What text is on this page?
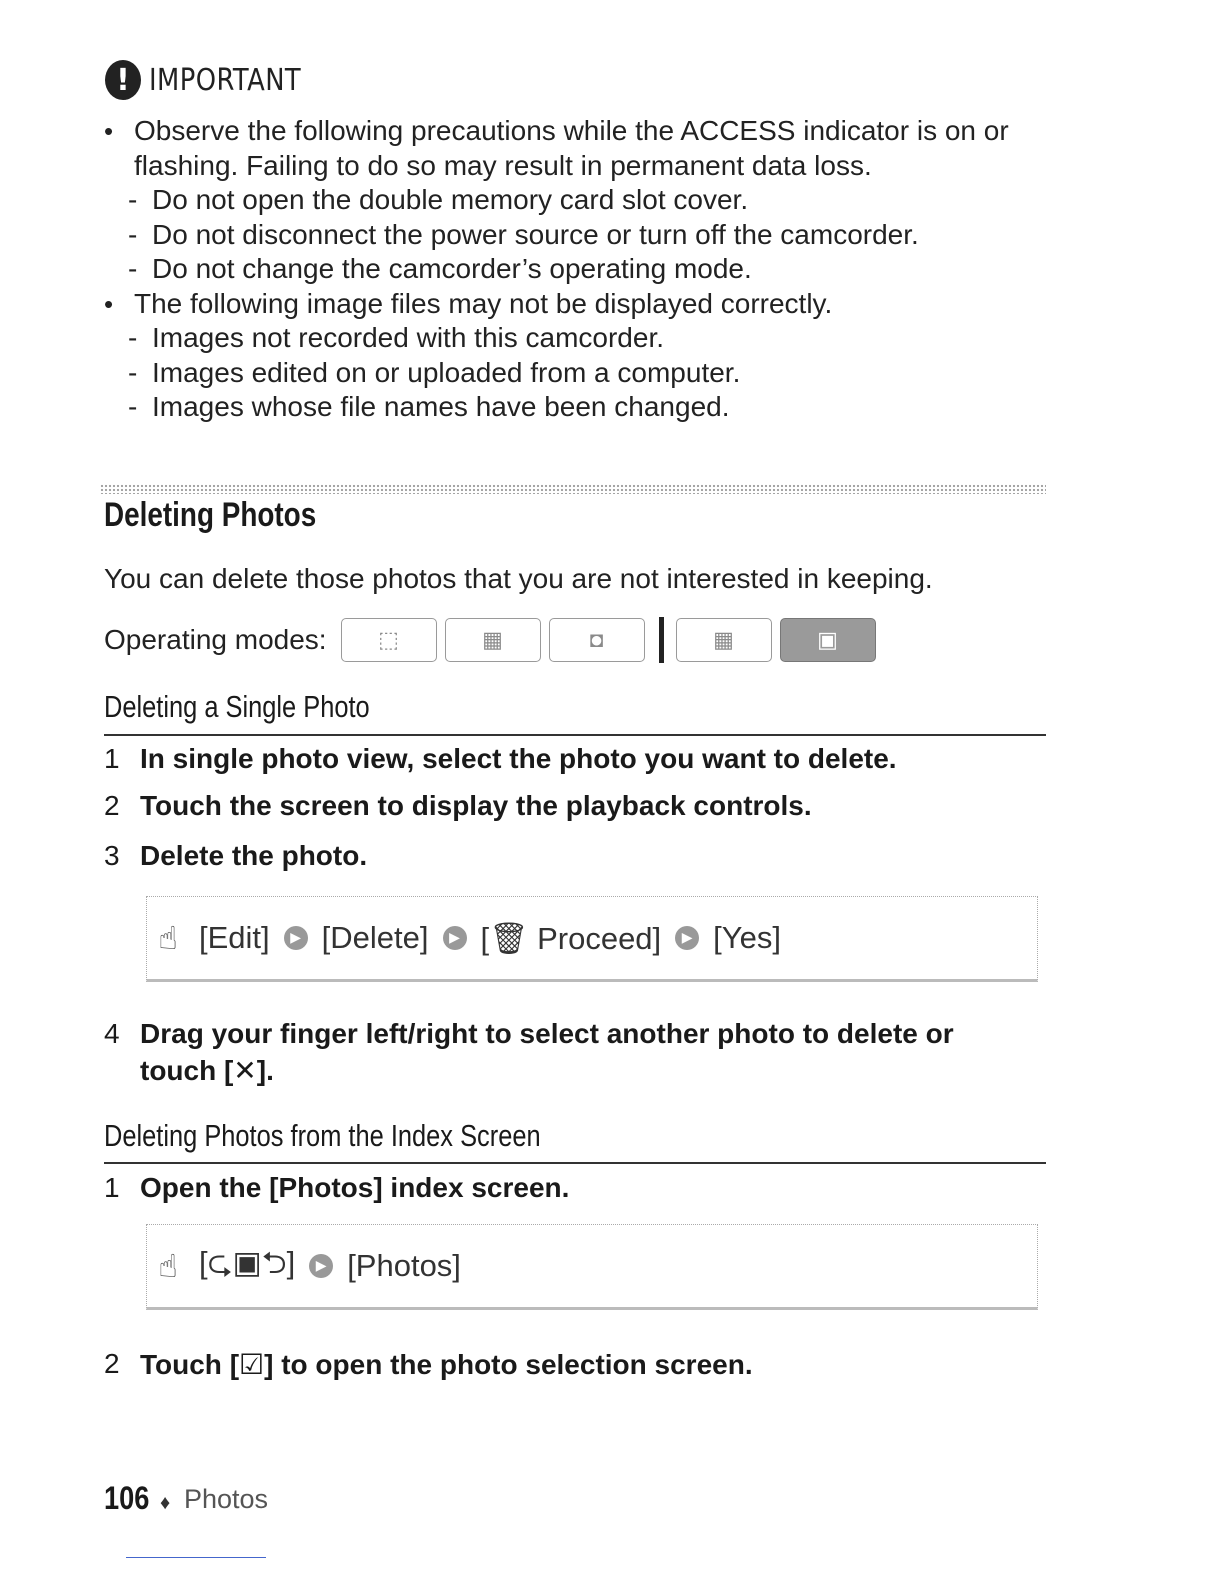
! IMPORTANT
• Observe the following precautions while the ACCESS indicator is on or flashing. Failing to do so may result in permanent data loss.
- Do not open the double memory card slot cover.
- Do not disconnect the power source or turn off the camcorder.
- Do not change the camcorder’s operating mode.
• The following image files may not be displayed correctly.
- Images not recorded with this camcorder.
- Images edited on or uploaded from a computer.
- Images whose file names have been changed.
Deleting Photos
You can delete those photos that you are not interested in keeping.
Operating modes:	⬚	▦	◘	▦	▣
Deleting a Single Photo
1 In single photo view, select the photo you want to delete.
2 Touch the screen to display the playback controls.
3 Delete the photo.
☝ [Edit]	▶ [Delete]	▶ [🗑 Proceed]	▶ [Yes]
4 Drag your finger left/right to select another photo to delete or touch [✕].
Deleting Photos from the Index Screen
1 Open the [Photos] index screen.
☝ [⮎▣⮌]	▶ [Photos]
2 Touch [☑] to open the photo selection screen.
106 ♦ Photos
